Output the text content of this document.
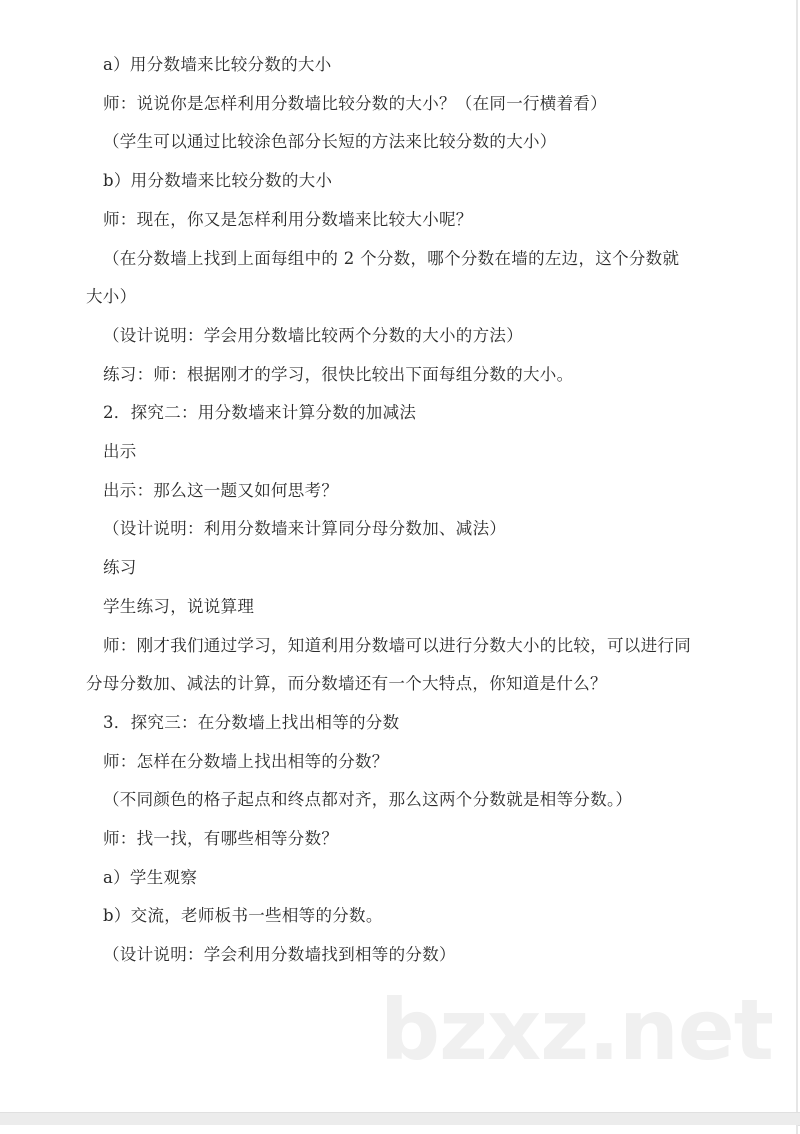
bzxz.net

a）用分数墙来比较分数的大小

师：说说你是怎样利用分数墙比较分数的大小？（在同一行横着看）

（学生可以通过比较涂色部分长短的方法来比较分数的大小）

b）用分数墙来比较分数的大小

师：现在，你又是怎样利用分数墙来比较大小呢？

（在分数墙上找到上面每组中的 2 个分数，哪个分数在墙的左边，这个分数就大小）

（设计说明：学会用分数墙比较两个分数的大小的方法）

练习：师：根据刚才的学习，很快比较出下面每组分数的大小。

2．探究二：用分数墙来计算分数的加减法

出示

出示：那么这一题又如何思考？

（设计说明：利用分数墙来计算同分母分数加、减法）

练习

学生练习，说说算理

师：刚才我们通过学习，知道利用分数墙可以进行分数大小的比较，可以进行同分母分数加、减法的计算，而分数墙还有一个大特点，你知道是什么？

3．探究三：在分数墙上找出相等的分数

师：怎样在分数墙上找出相等的分数？

（不同颜色的格子起点和终点都对齐，那么这两个分数就是相等分数。）

师：找一找，有哪些相等分数？

a）学生观察

b）交流，老师板书一些相等的分数。

（设计说明：学会利用分数墙找到相等的分数）
